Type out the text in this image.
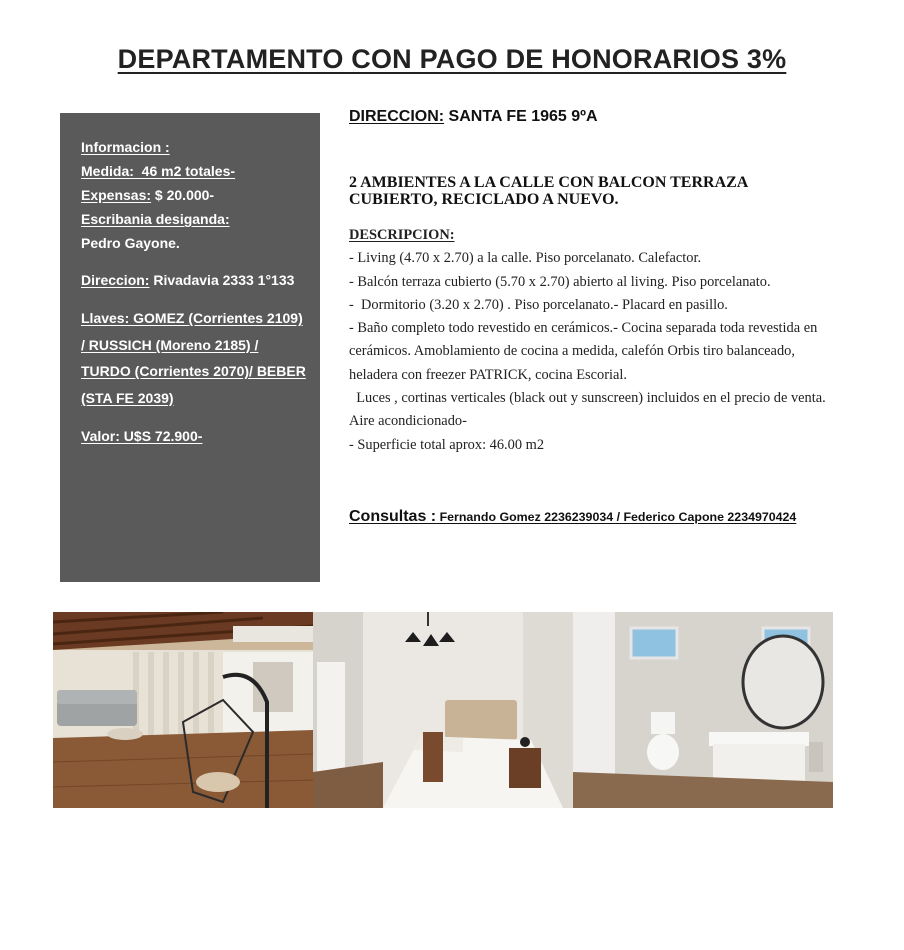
DEPARTAMENTO CON PAGO DE HONORARIOS 3%
Informacion :
Medida:  46 m2 totales-
Expensas: $ 20.000-
Escribania desiganda:
Pedro Gayone.
Direccion: Rivadavia 2333 1°133
Llaves: GOMEZ (Corrientes 2109) / RUSSICH (Moreno 2185) / TURDO (Corrientes 2070)/ BEBER (STA FE 2039)
Valor: U$S 72.900-
DIRECCION: SANTA FE 1965 9ºA
2 AMBIENTES A LA CALLE CON BALCON TERRAZA CUBIERTO, RECICLADO A NUEVO.
DESCRIPCION:
- Living (4.70 x 2.70) a la calle. Piso porcelanato. Calefactor.
- Balcón terraza cubierto (5.70 x 2.70) abierto al living. Piso porcelanato.
-  Dormitorio (3.20 x 2.70) . Piso porcelanato.- Placard en pasillo.
- Baño completo todo revestido en cerámicos.- Cocina separada toda revestida en cerámicos. Amoblamiento de cocina a medida, calefón Orbis tiro balanceado, heladera con freezer PATRICK, cocina Escorial.
Luces , cortinas verticales (black out y sunscreen) incluidos en el precio de venta. Aire acondicionado-
- Superficie total aprox: 46.00 m2
Consultas : Fernando Gomez 2236239034 / Federico Capone 2234970424
